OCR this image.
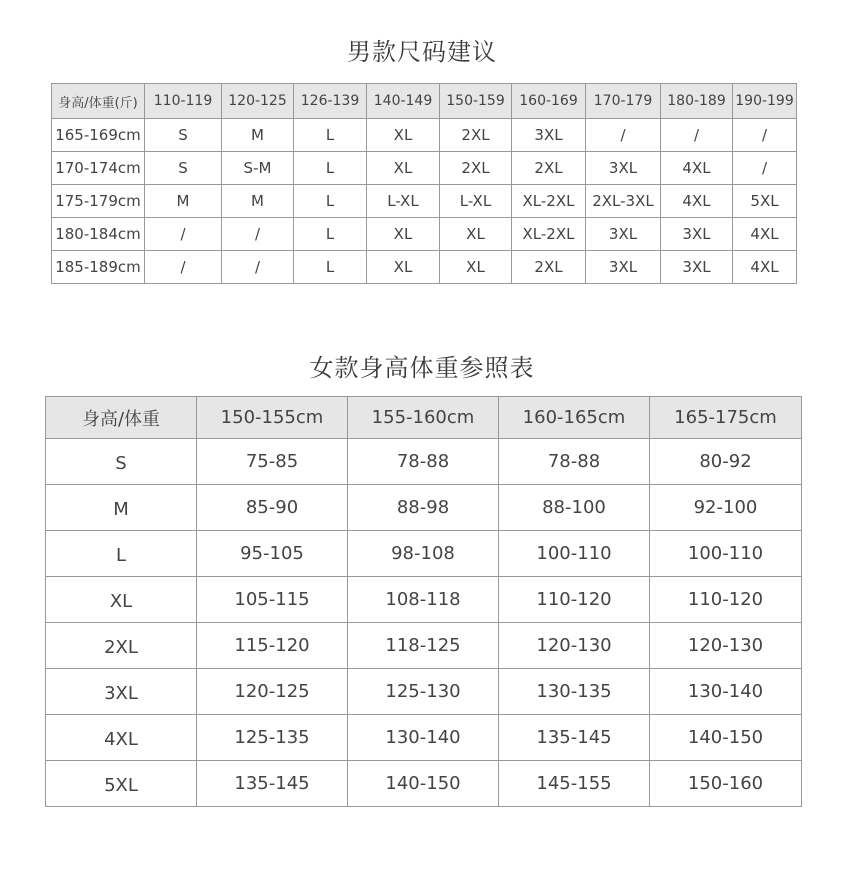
男款尺码建议
身高/体重(斤)	110-119	120-125	126-139	140-149	150-159	160-169	170-179	180-189	190-199
165-169cm	S	M	L	XL	2XL	3XL	/	/	/
170-174cm	S	S-M	L	XL	2XL	2XL	3XL	4XL	/
175-179cm	M	M	L	L-XL	L-XL	XL-2XL	2XL-3XL	4XL	5XL
180-184cm	/	/	L	XL	XL	XL-2XL	3XL	3XL	4XL
185-189cm	/	/	L	XL	XL	2XL	3XL	3XL	4XL
女款身高体重参照表
身高/体重	150-155cm	155-160cm	160-165cm	165-175cm
S	75-85	78-88	78-88	80-92
M	85-90	88-98	88-100	92-100
L	95-105	98-108	100-110	100-110
XL	105-115	108-118	110-120	110-120
2XL	115-120	118-125	120-130	120-130
3XL	120-125	125-130	130-135	130-140
4XL	125-135	130-140	135-145	140-150
5XL	135-145	140-150	145-155	150-160
